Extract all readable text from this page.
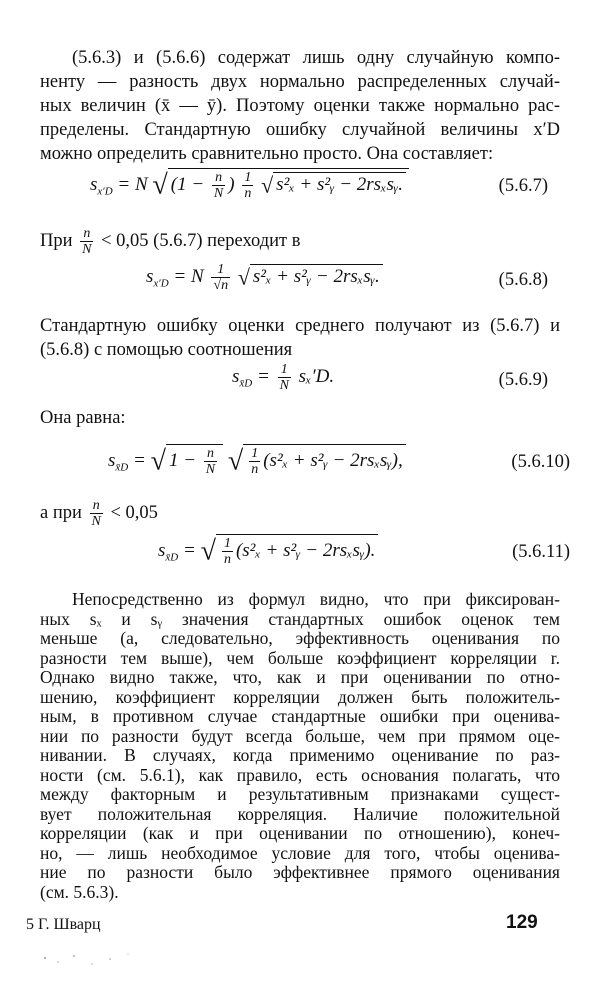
(5.6.3) и (5.6.6) содержат лишь одну случайную компо-
ненту — разность двух нормально распределенных случай-
ных величин (x̄ — ȳ). Поэтому оценки также нормально рас-
пределены. Стандартную ошибку случайной величины x′D
можно определить сравнительно просто. Она составляет:
$s_{x'D} = N$ $√(1 - \frac{n}{N}$ ) $\frac{1}{n}$ √ s²ₓ + s²ᵧ − 2rsₓsᵧ.	(5.6.7)
При $\frac{n}{N} < 0,05$ (5.6.7) переходит в
$s_{x'D} = N \frac{1}{√n}$ √ s²ₓ + s²ᵧ − 2rsₓsᵧ.	(5.6.8)
Стандартную ошибку оценки среднего получают из (5.6.7) и
(5.6.8) с помощью соотношения
$s_{x̄D} = \frac{1}{N} s_x'D$.	(5.6.9)
Она равна:
$s_{x̄D}$ = √ $1 - \frac{n}{N}$ √ $\frac{1}{n} (s^2_x$ + s²ᵧ − 2rsₓsᵧ),	(5.6.10)
а при $\frac{n}{N} < 0,05$
$s_{x̄D}$ = √ $\frac{1}{n} (s^2_x$ + s²ᵧ − 2rsₓsᵧ).	(5.6.11)
Непосредственно из формул видно, что при фиксирован-
ных sₓ и sᵧ значения стандартных ошибок оценок тем
меньше (а, следовательно, эффективность оценивания по
разности тем выше), чем больше коэффициент корреляции r.
Однако видно также, что, как и при оценивании по отно-
шению, коэффициент корреляции должен быть положитель-
ным, в противном случае стандартные ошибки при оценива-
нии по разности будут всегда больше, чем при прямом оце-
нивании. В случаях, когда применимо оценивание по раз-
ности (см. 5.6.1), как правило, есть основания полагать, что
между факторным и результативным признаками сущест-
вует положительная корреляция. Наличие положительной
корреляции (как и при оценивании по отношению), конеч-
но, — лишь необходимое условие для того, чтобы оценива-
ние по разности было эффективнее прямого оценивания
(см. 5.6.3).
5 Г. Шварц	129
